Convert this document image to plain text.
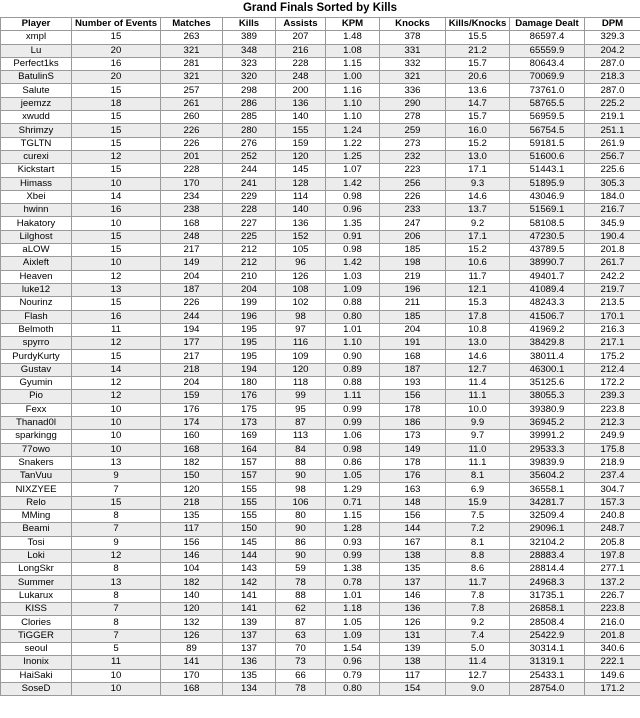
Grand Finals Sorted by Kills
Player	Number of Events	Matches	Kills	Assists	KPM	Knocks	Kills/Knocks	Damage Dealt	DPM
xmpl	15	263	389	207	1.48	378	15.5	86597.4	329.3
Lu	20	321	348	216	1.08	331	21.2	65559.9	204.2
Perfect1ks	16	281	323	228	1.15	332	15.7	80643.4	287.0
BatulinS	20	321	320	248	1.00	321	20.6	70069.9	218.3
Salute	15	257	298	200	1.16	336	13.6	73761.0	287.0
jeemzz	18	261	286	136	1.10	290	14.7	58765.5	225.2
xwudd	15	260	285	140	1.10	278	15.7	56959.5	219.1
Shrimzy	15	226	280	155	1.24	259	16.0	56754.5	251.1
TGLTN	15	226	276	159	1.22	273	15.2	59181.5	261.9
curexi	12	201	252	120	1.25	232	13.0	51600.6	256.7
Kickstart	15	228	244	145	1.07	223	17.1	51443.1	225.6
Himass	10	170	241	128	1.42	256	9.3	51895.9	305.3
Xbei	14	234	229	114	0.98	226	14.6	43046.9	184.0
hwinn	16	238	228	140	0.96	233	13.7	51569.1	216.7
Hakatory	10	168	227	136	1.35	247	9.2	58108.5	345.9
Lilghost	15	248	225	152	0.91	206	17.1	47230.5	190.4
aLOW	15	217	212	105	0.98	185	15.2	43789.5	201.8
Aixleft	10	149	212	96	1.42	198	10.6	38990.7	261.7
Heaven	12	204	210	126	1.03	219	11.7	49401.7	242.2
luke12	13	187	204	108	1.09	196	12.1	41089.4	219.7
Nourinz	15	226	199	102	0.88	211	15.3	48243.3	213.5
Flash	16	244	196	98	0.80	185	17.8	41506.7	170.1
Belmoth	11	194	195	97	1.01	204	10.8	41969.2	216.3
spyrro	12	177	195	116	1.10	191	13.0	38429.8	217.1
PurdyKurty	15	217	195	109	0.90	168	14.6	38011.4	175.2
Gustav	14	218	194	120	0.89	187	12.7	46300.1	212.4
Gyumin	12	204	180	118	0.88	193	11.4	35125.6	172.2
Pio	12	159	176	99	1.11	156	11.1	38055.3	239.3
Fexx	10	176	175	95	0.99	178	10.0	39380.9	223.8
Thanad0l	10	174	173	87	0.99	186	9.9	36945.2	212.3
sparkingg	10	160	169	113	1.06	173	9.7	39991.2	249.9
77owo	10	168	164	84	0.98	149	11.0	29533.3	175.8
Snakers	13	182	157	88	0.86	178	11.1	39839.9	218.9
TanVuu	9	150	157	90	1.05	176	8.1	35604.2	237.4
NIXZYEE	7	120	155	98	1.29	163	6.9	36558.1	304.7
Relo	15	218	155	106	0.71	148	15.9	34281.7	157.3
MMing	8	135	155	80	1.15	156	7.5	32509.4	240.8
Beami	7	117	150	90	1.28	144	7.2	29096.1	248.7
Tosi	9	156	145	86	0.93	167	8.1	32104.2	205.8
Loki	12	146	144	90	0.99	138	8.8	28883.4	197.8
LongSkr	8	104	143	59	1.38	135	8.6	28814.4	277.1
Summer	13	182	142	78	0.78	137	11.7	24968.3	137.2
Lukarux	8	140	141	88	1.01	146	7.8	31735.1	226.7
KISS	7	120	141	62	1.18	136	7.8	26858.1	223.8
Clories	8	132	139	87	1.05	126	9.2	28508.4	216.0
TiGGER	7	126	137	63	1.09	131	7.4	25422.9	201.8
seoul	5	89	137	70	1.54	139	5.0	30314.1	340.6
Inonix	11	141	136	73	0.96	138	11.4	31319.1	222.1
HaiSaki	10	170	135	66	0.79	117	12.7	25433.1	149.6
SoseD	10	168	134	78	0.80	154	9.0	28754.0	171.2
